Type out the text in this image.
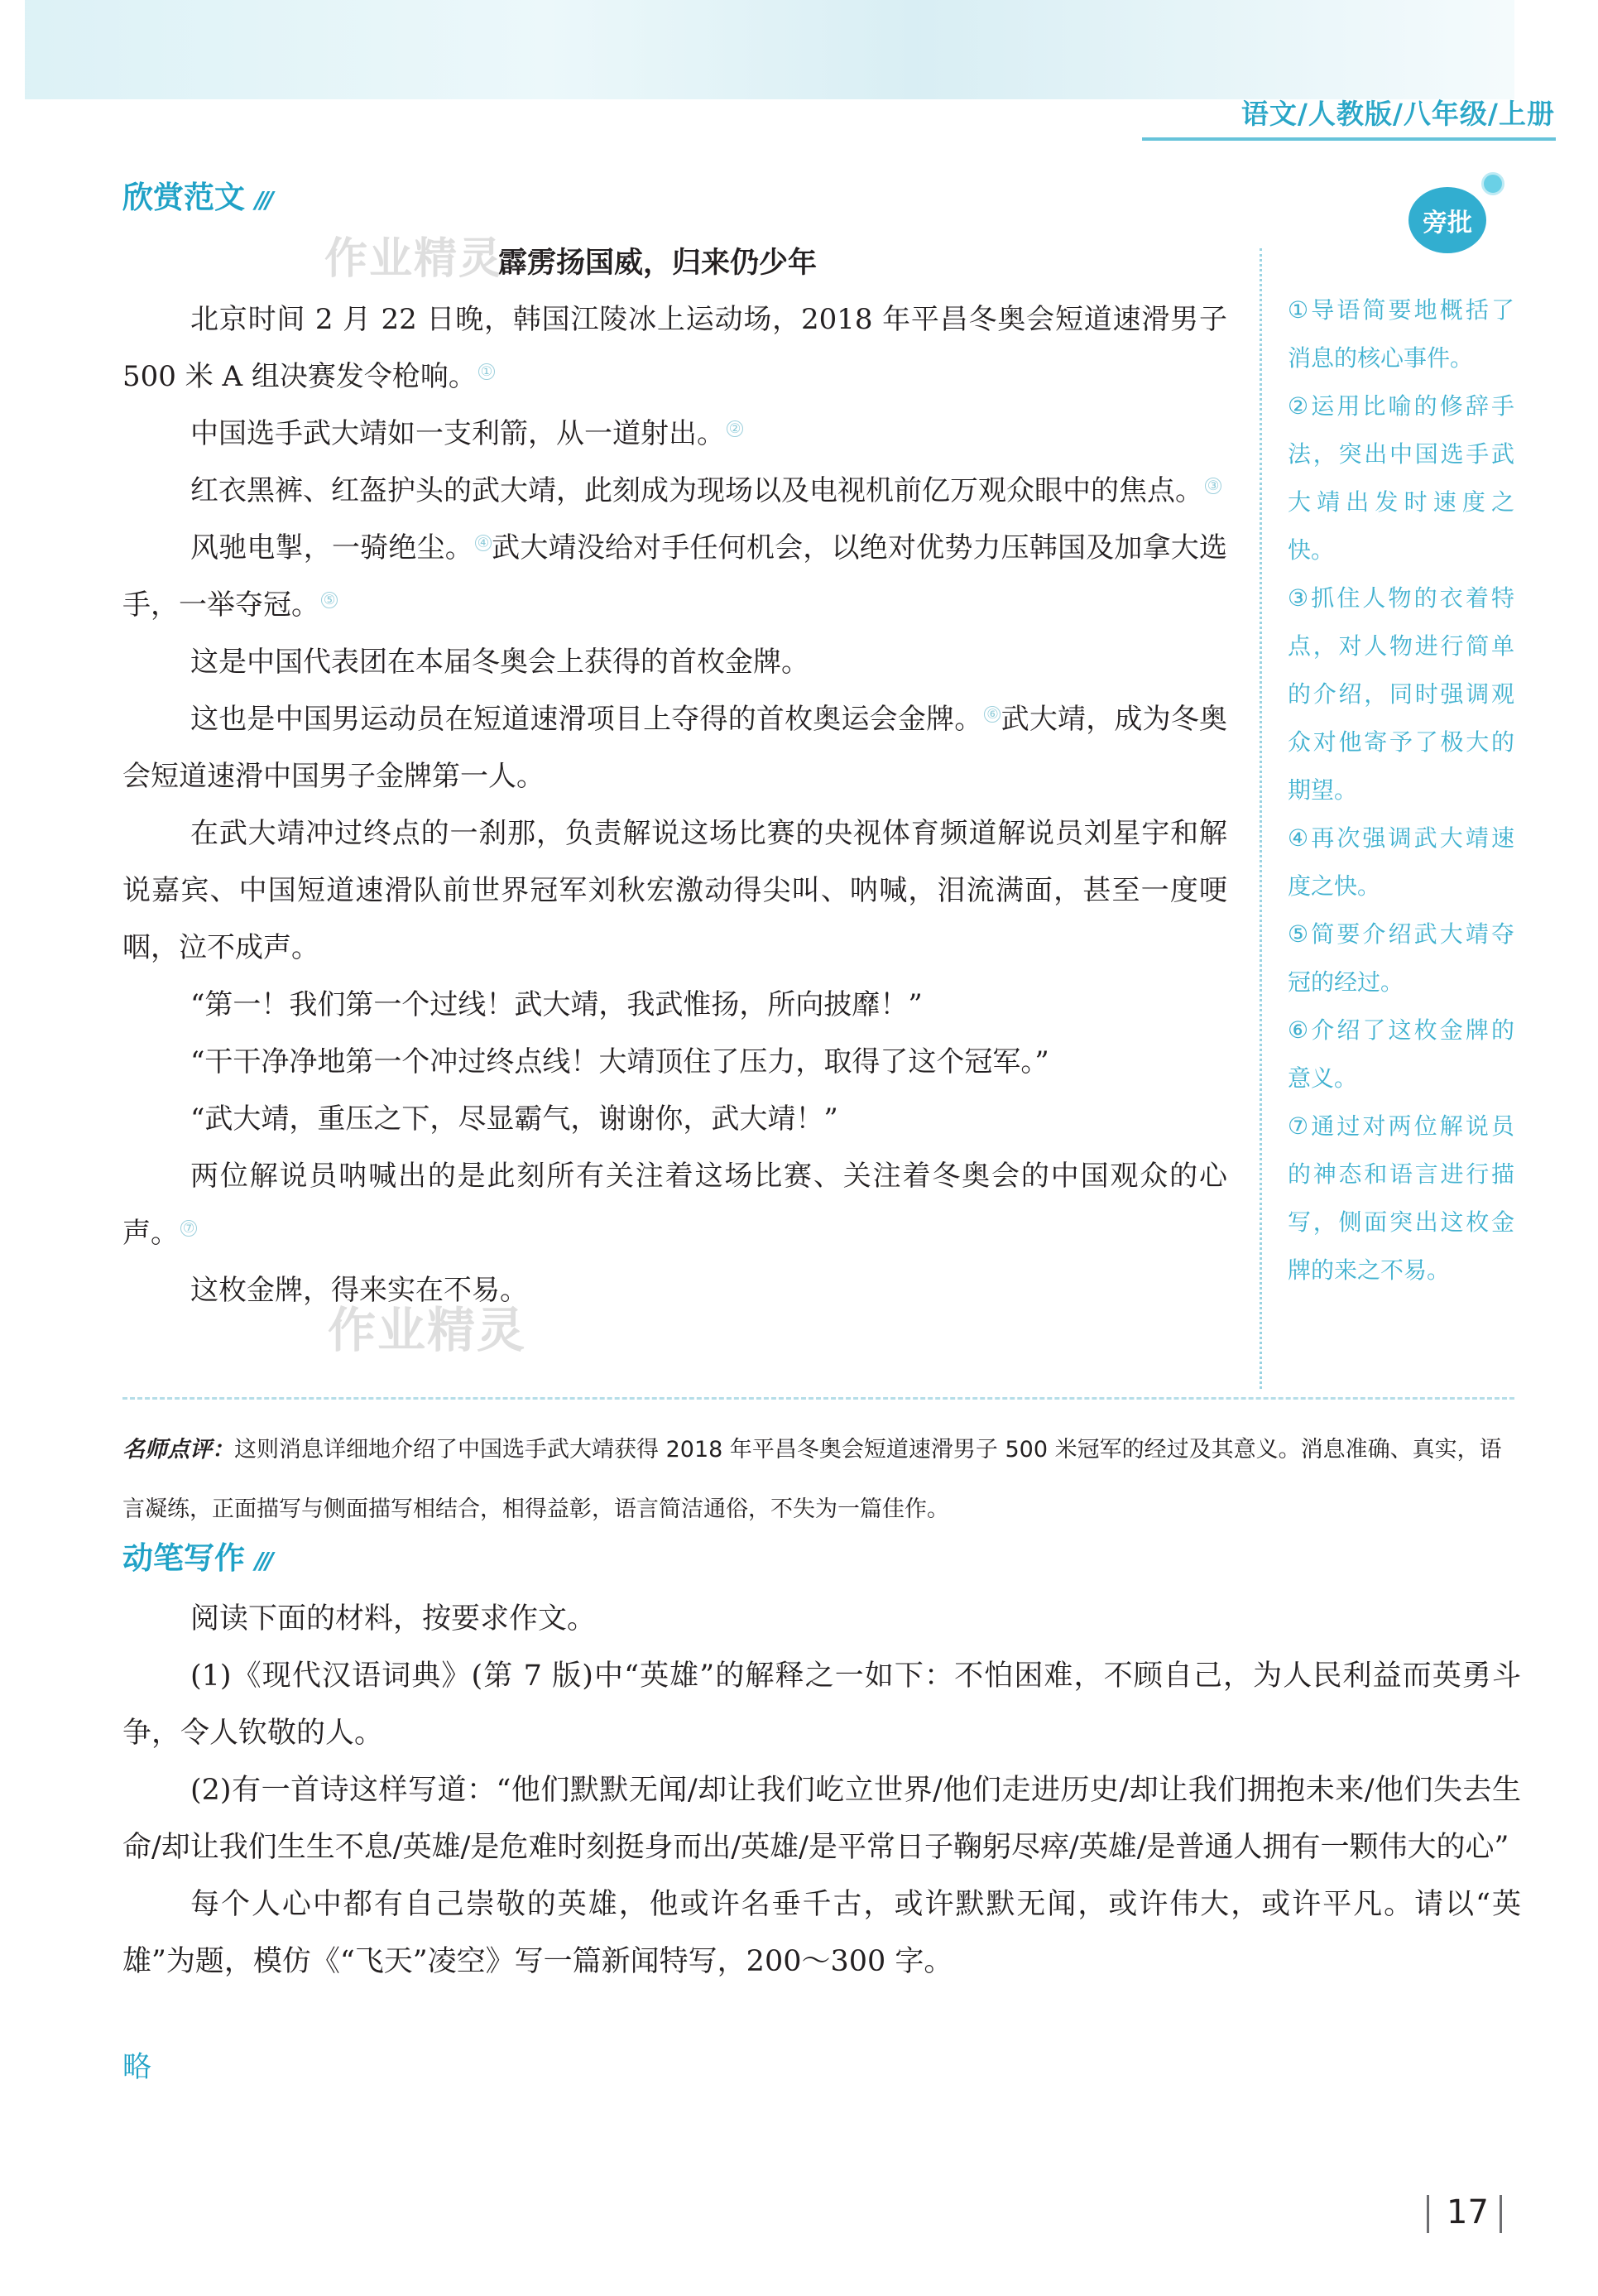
语文/人教版/八年级/上册
欣赏范文 ///
旁批
作业精灵
作业精灵
霹雳扬国威，归来仍少年

北京时间 2 月 22 日晚，韩国江陵冰上运动场，2018 年平昌冬奥会短道速滑男子 500 米 A 组决赛发令枪响。 ①

中国选手武大靖如一支利箭，从一道射出。 ②

红衣黑裤、红盔护头的武大靖，此刻成为现场以及电视机前亿万观众眼中的焦点。 ③

风驰电掣，一骑绝尘。 ④武大靖没给对手任何机会，以绝对优势力压韩国及加拿大选手，一举夺冠。 ⑤

这是中国代表团在本届冬奥会上获得的首枚金牌。

这也是中国男运动员在短道速滑项目上夺得的首枚奥运会金牌。 ⑥武大靖，成为冬奥会短道速滑中国男子金牌第一人。

在武大靖冲过终点的一刹那，负责解说这场比赛的央视体育频道解说员刘星宇和解说嘉宾、中国短道速滑队前世界冠军刘秋宏激动得尖叫、呐喊，泪流满面，甚至一度哽咽，泣不成声。

“第一！我们第一个过线！武大靖，我武惟扬，所向披靡！”

“干干净净地第一个冲过终点线！大靖顶住了压力，取得了这个冠军。”

“武大靖，重压之下，尽显霸气，谢谢你，武大靖！”

两位解说员呐喊出的是此刻所有关注着这场比赛、关注着冬奥会的中国观众的心声。 ⑦

这枚金牌，得来实在不易。

①导语简要地概括了消息的核心事件。

②运用比喻的修辞手法，突出中国选手武大靖出发时速度之快。

③抓住人物的衣着特点，对人物进行简单的介绍，同时强调观众对他寄予了极大的期望。

④再次强调武大靖速度之快。

⑤简要介绍武大靖夺冠的经过。

⑥介绍了这枚金牌的意义。

⑦通过对两位解说员的神态和语言进行描写，侧面突出这枚金牌的来之不易。

名师点评：这则消息详细地介绍了中国选手武大靖获得 2018 年平昌冬奥会短道速滑男子 500 米冠军的经过及其意义。消息准确、真实，语言凝练，正面描写与侧面描写相结合，相得益彰，语言简洁通俗，不失为一篇佳作。
动笔写作 ///

阅读下面的材料，按要求作文。

(1)《现代汉语词典》(第 7 版)中“英雄”的解释之一如下：不怕困难，不顾自己，为人民利益而英勇斗争，令人钦敬的人。

(2)有一首诗这样写道：“他们默默无闻/却让我们屹立世界/他们走进历史/却让我们拥抱未来/他们失去生命/却让我们生生不息/英雄/是危难时刻挺身而出/英雄/是平常日子鞠躬尽瘁/英雄/是普通人拥有一颗伟大的心”

每个人心中都有自己崇敬的英雄，他或许名垂千古，或许默默无闻，或许伟大，或许平凡。请以“英雄”为题，模仿《“飞天”凌空》写一篇新闻特写，200～300 字。

略
17
